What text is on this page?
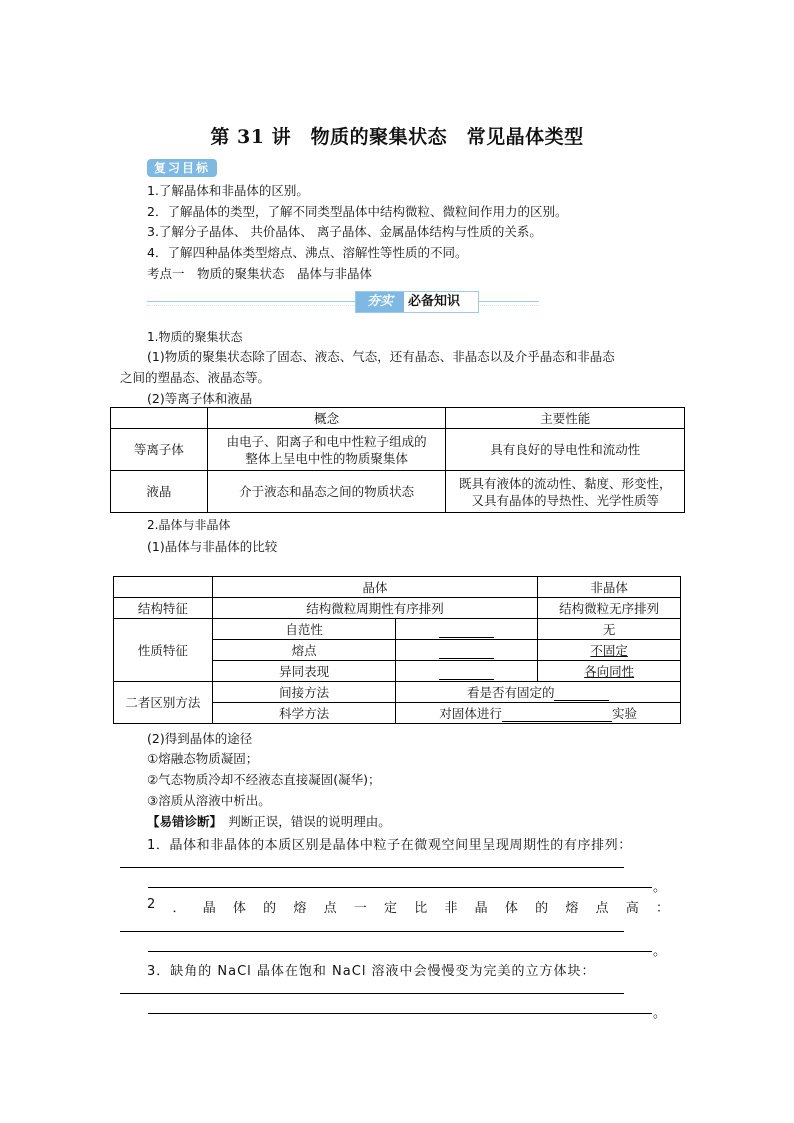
第 31 讲　物质的聚集状态　常见晶体类型
复习目标
1.了解晶体和非晶体的区别。
2．了解晶体的类型，了解不同类型晶体中结构微粒、微粒间作用力的区别。
3.了解分子晶体、 共价晶体、 离子晶体、金属晶体结构与性质的关系。
4．了解四种晶体类型熔点、沸点、溶解性等性质的不同。
考点一　物质的聚集状态　晶体与非晶体
夯实	必备知识
1.物质的聚集状态
(1)物质的聚集状态除了固态、液态、气态，还有晶态、非晶态以及介乎晶态和非晶态
之间的塑晶态、液晶态等。
(2)等离子体和液晶
	概念	主要性能
等离子体	由电子、阳离子和电中性粒子组成的
整体上呈电中性的物质聚集体	具有良好的导电性和流动性
液晶	介于液态和晶态之间的物质状态	既具有液体的流动性、黏度、形变性，
又具有晶体的导热性、光学性质等
2.晶体与非晶体
(1)晶体与非晶体的比较
	晶体		非晶体
结构特征	结构微粒周期性有序排列		结构微粒无序排列
性质特征	自范性		无
	熔点		不固定
	异同表现		各向同性
二者区别方法	间接方法	看是否有固定的	
	科学方法	对固体进行 实验	
(2)得到晶体的途径
①熔融态物质凝固；
②气态物质冷却不经液态直接凝固(凝华)；
③溶质从溶液中析出。
【易错诊断】　判断正误，错误的说明理由。
1．晶体和非晶体的本质区别是晶体中粒子在微观空间里呈现周期性的有序排列：
。
2 ． 晶 体 的 熔 点 一 定 比 非 晶 体 的 熔 点 高 ：
。
3．缺角的 NaCl 晶体在饱和 NaCl 溶液中会慢慢变为完美的立方体块：
。
